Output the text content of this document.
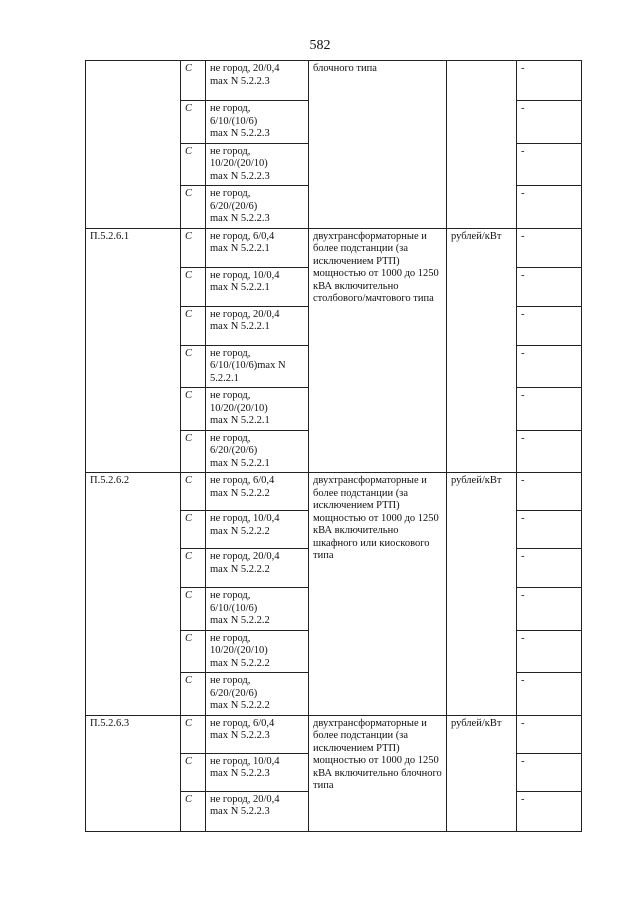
582
	С	не город, 20/0,4
max N 5.2.2.3	блочного типа		-
	С	не город,
6/10/(10/6)
max N 5.2.2.3			-
	С	не город,
10/20/(20/10)
max N 5.2.2.3			-
	С	не город,
6/20/(20/6)
max N 5.2.2.3			-
П.5.2.6.1	С	не город, 6/0,4
max N 5.2.2.1	двухтрансформаторные и более подстанции (за исключением РТП) мощностью от 1000 до 1250 кВА включительно столбового/мачтового типа	рублей/кВт	-
	С	не город, 10/0,4
max N 5.2.2.1			-
	С	не город, 20/0,4
max N 5.2.2.1			-
	С	не город,
6/10/(10/6)max N
5.2.2.1			-
	С	не город,
10/20/(20/10)
max N 5.2.2.1			-
	С	не город,
6/20/(20/6)
max N 5.2.2.1			-
П.5.2.6.2	С	не город, 6/0,4
max N 5.2.2.2	двухтрансформаторные и более подстанции (за исключением РТП) мощностью от 1000 до 1250 кВА включительно шкафного или киоскового типа	рублей/кВт	-
	С	не город, 10/0,4
max N 5.2.2.2			-
	С	не город, 20/0,4
max N 5.2.2.2			-
	С	не город,
6/10/(10/6)
max N 5.2.2.2			-
	С	не город,
10/20/(20/10)
max N 5.2.2.2			-
	С	не город,
6/20/(20/6)
max N 5.2.2.2			-
П.5.2.6.3	С	не город, 6/0,4
max N 5.2.2.3	двухтрансформаторные и более подстанции (за исключением РТП) мощностью от 1000 до 1250 кВА включительно блочного типа	рублей/кВт	-
	С	не город, 10/0,4
max N 5.2.2.3			-
	С	не город, 20/0,4
max N 5.2.2.3			-
